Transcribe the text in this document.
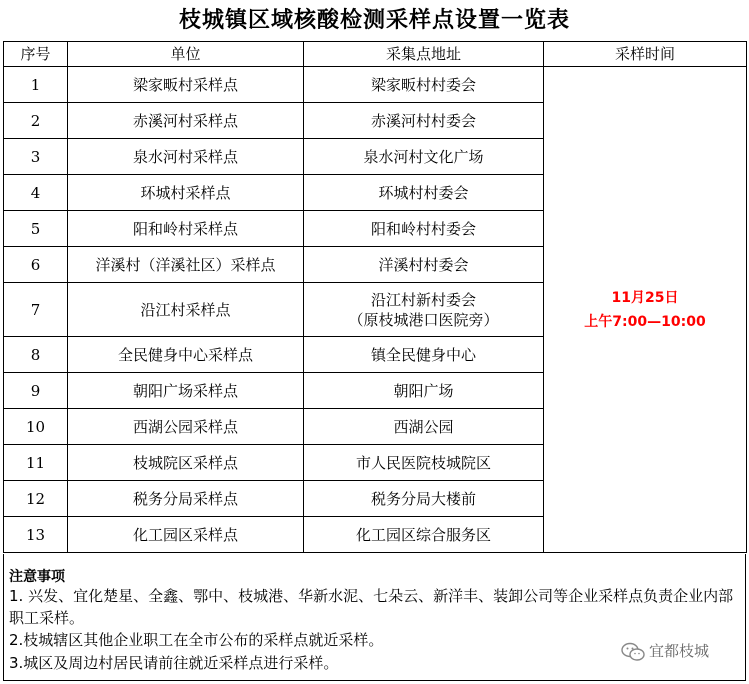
枝城镇区域核酸检测采样点设置一览表
序号	单位	采集点地址	采样时间
1	梁家畈村采样点	梁家畈村村委会	11月25日
上午7:00—10:00

2	赤溪河村采样点	赤溪河村村委会	
3	泉水河村采样点	泉水河村文化广场	
4	环城村采样点	环城村村委会	
5	阳和岭村采样点	阳和岭村村委会	
6	洋溪村（洋溪社区）采样点	洋溪村村委会	
7	沿江村采样点	沿江村新村委会
（原枝城港口医院旁）	

8	全民健身中心采样点	镇全民健身中心	
9	朝阳广场采样点	朝阳广场	
10	西湖公园采样点	西湖公园	
11	枝城院区采样点	市人民医院枝城院区	
12	税务分局采样点	税务分局大楼前	
13	化工园区采样点	化工园区综合服务区	
注意事项
1. 兴发、宜化楚星、全鑫、鄂中、枝城港、华新水泥、七朵云、新洋丰、装卸公司等企业采样点负责企业内部职工采样。
2.枝城辖区其他企业职工在全市公布的采样点就近采样。
3.城区及周边村居民请前往就近采样点进行采样。
宜都枝城
